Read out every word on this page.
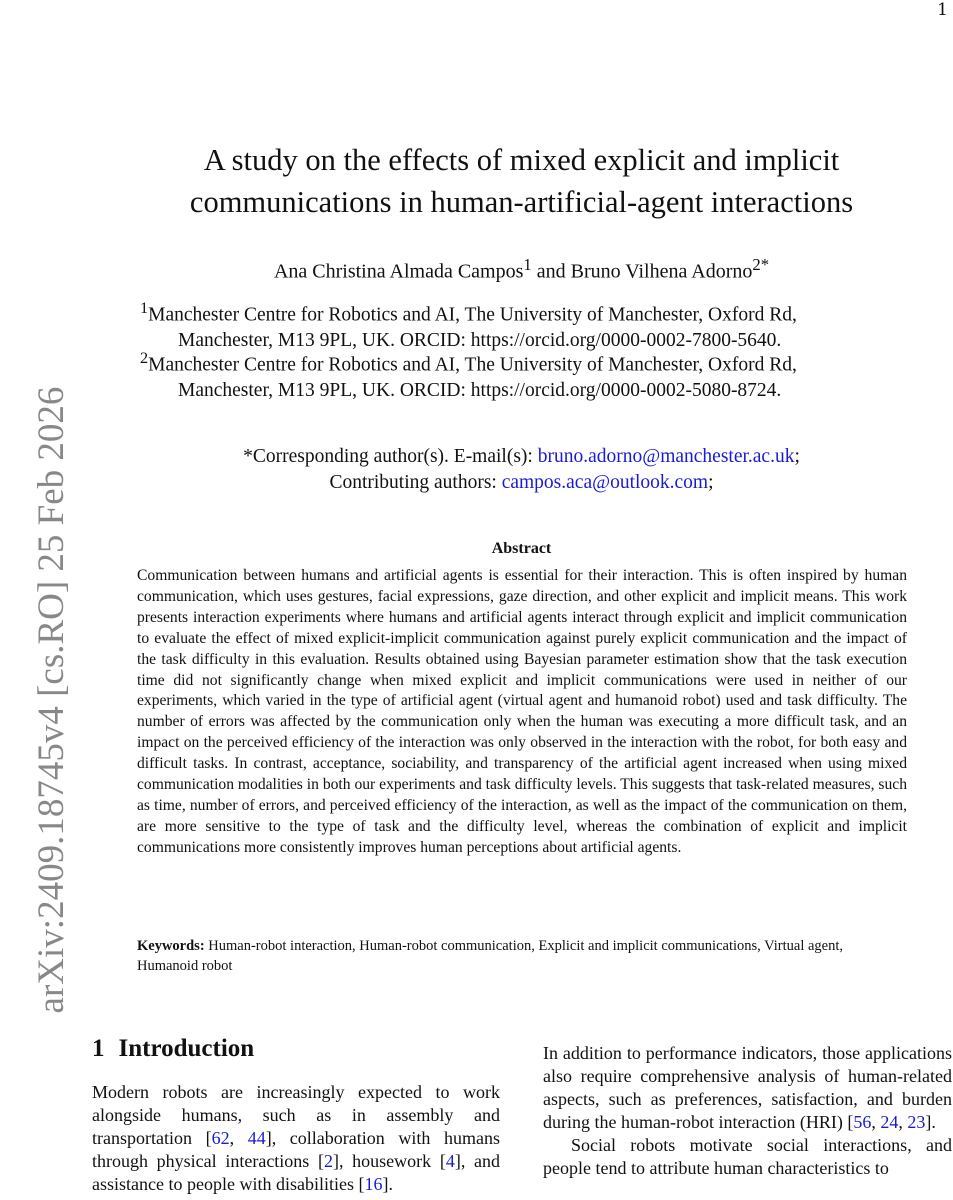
1
arXiv:2409.18745v4 [cs.RO] 25 Feb 2026
A study on the effects of mixed explicit and implicit
communications in human-artificial-agent interactions
Ana Christina Almada Campos$^1$ and Bruno Vilhena Adorno$^{2*}$
$^1$Manchester Centre for Robotics and AI, The University of Manchester, Oxford Rd,
Manchester, M13 9PL, UK. ORCID: https://orcid.org/0000-0002-7800-5640.
$^2$Manchester Centre for Robotics and AI, The University of Manchester, Oxford Rd,
Manchester, M13 9PL, UK. ORCID: https://orcid.org/0000-0002-5080-8724.
*Corresponding author(s). E-mail(s): bruno.adorno@manchester.ac.uk;
Contributing authors: campos.aca@outlook.com;
Abstract
Communication between humans and artificial agents is essential for their interaction. This is often inspired by human communication, which uses gestures, facial expressions, gaze direction, and other explicit and implicit means. This work presents interaction experiments where humans and artificial agents interact through explicit and implicit communication to evaluate the effect of mixed explicit-implicit communication against purely explicit communication and the impact of the task difficulty in this evaluation. Results obtained using Bayesian parameter estimation show that the task execution time did not significantly change when mixed explicit and implicit communications were used in neither of our experiments, which varied in the type of artificial agent (virtual agent and humanoid robot) used and task difficulty. The number of errors was affected by the communication only when the human was executing a more difficult task, and an impact on the perceived efficiency of the interaction was only observed in the interaction with the robot, for both easy and difficult tasks. In contrast, acceptance, sociability, and transparency of the artificial agent increased when using mixed communication modalities in both our experiments and task difficulty levels. This suggests that task-related measures, such as time, number of errors, and perceived efficiency of the interaction, as well as the impact of the communication on them, are more sensitive to the type of task and the difficulty level, whereas the combination of explicit and implicit communications more consistently improves human perceptions about artificial agents.
Keywords: Human-robot interaction, Human-robot communication, Explicit and implicit communications, Virtual agent, Humanoid robot
1 Introduction

Modern robots are increasingly expected to work alongside humans, such as in assembly and transportation [62, 44], collaboration with humans through physical interactions [2], housework [4], and assistance to people with disabilities [16].

In addition to performance indicators, those applications also require comprehensive analysis of human-related aspects, such as preferences, satisfaction, and burden during the human-robot interaction (HRI) [56, 24, 23].

Social robots motivate social interactions, and people tend to attribute human characteristics to
